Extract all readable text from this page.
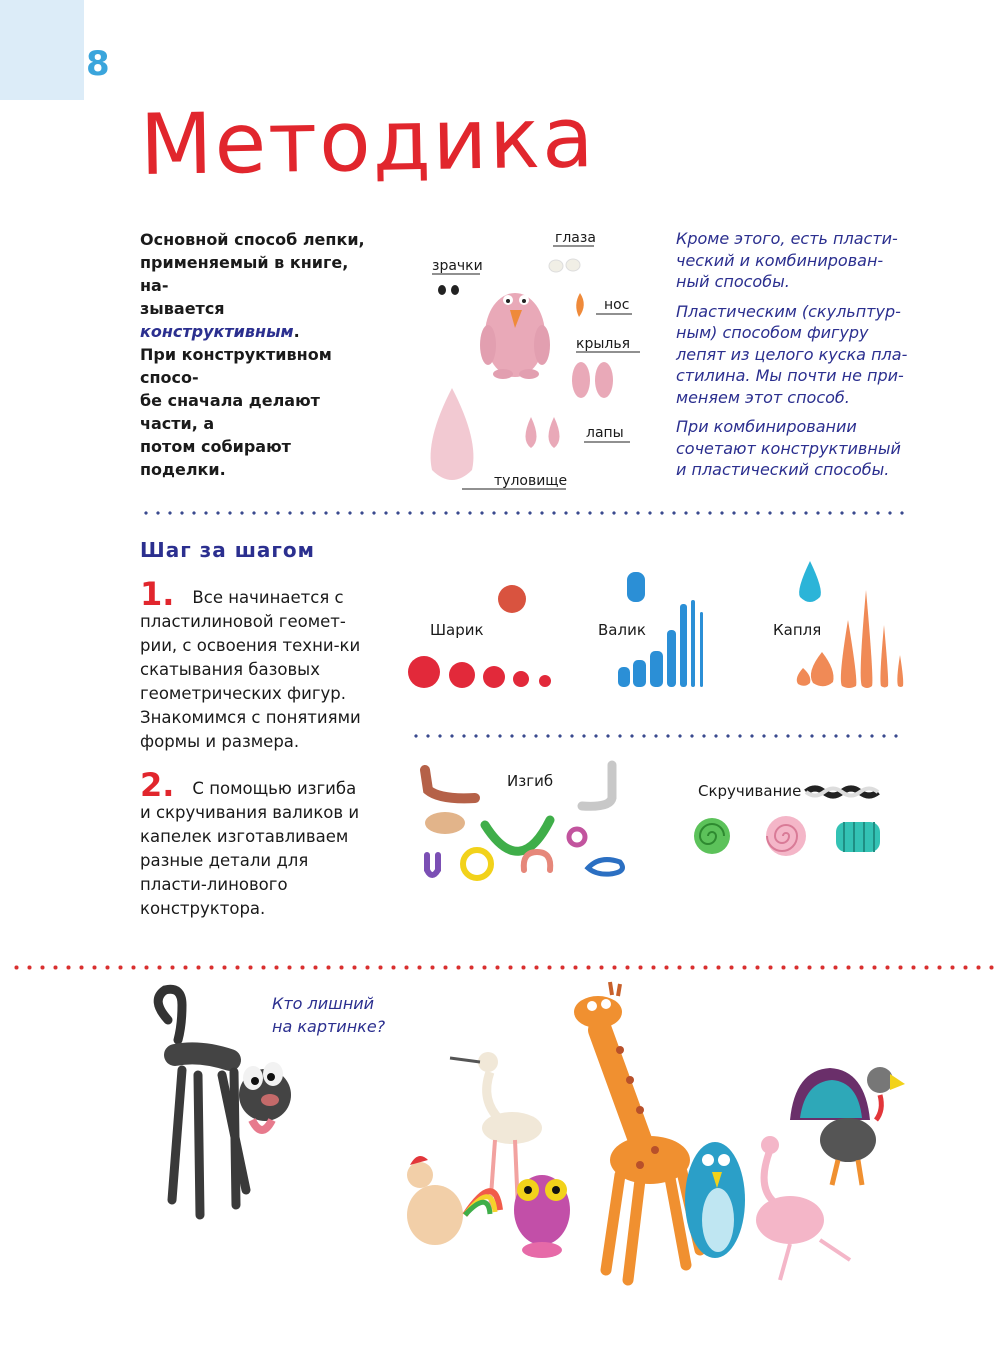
8
Методика
Основной способ лепки,
применяемый в книге, на-
зывается конструктивным.
При конструктивном спосо-
бе сначала делают части, а
потом собирают поделки.
зрачки
глаза
нос
крылья
лапы
туловище

Кроме этого, есть пласти-ческий и комбинирован-ный способы.

Пластическим (скульптур-ным) способом фигуру лепят из целого куска пла-стилина. Мы почти не при-меняем этот способ.

При комбинировании сочетают конструктивный и пластический способы.

Шаг за шагом
1. Все начинается с пластилиновой геомет-рии, с освоения техни-ки скатывания базовых геометрических фигур. Знакомимся с понятиями формы и размера.
2. С помощью изгиба и скручивания валиков и капелек изготавливаем разные детали для пласти-линового конструктора.
Шарик	Валик	Капля
Изгиб
Скручивание
Кто лишний
на картинке?
